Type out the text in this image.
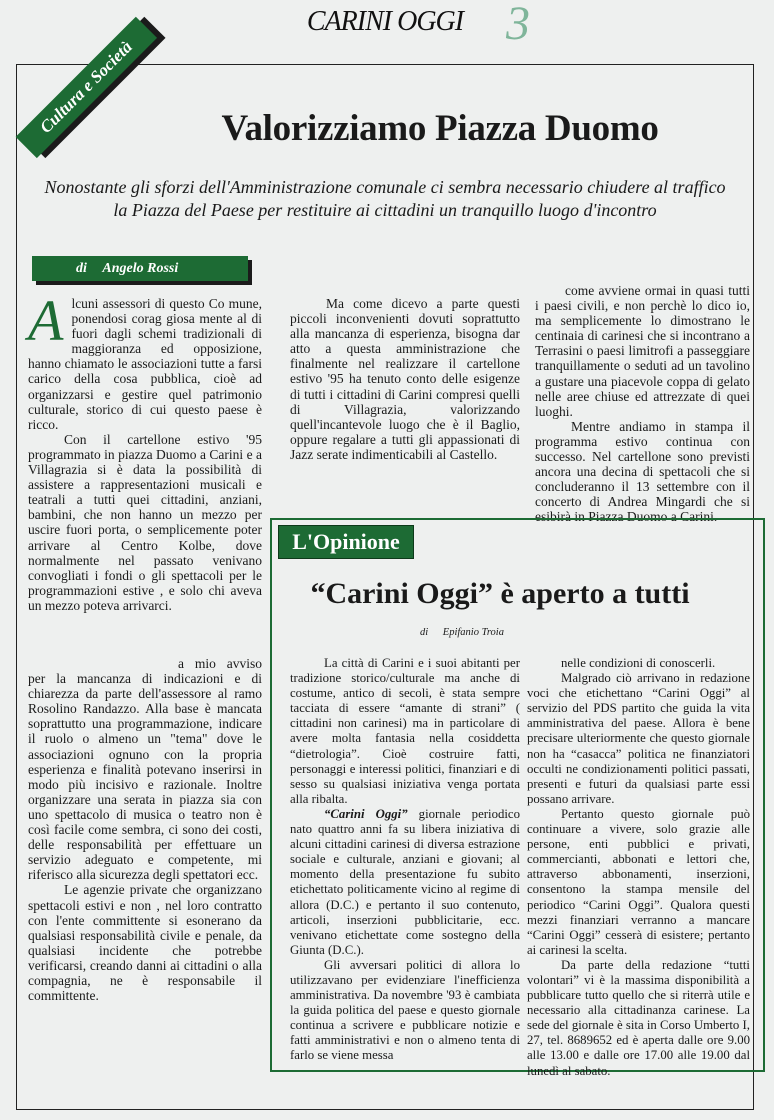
CARINI OGGI 3
Cultura e Società	Valorizziamo Piazza Duomo
Nonostante gli sforzi dell'Amministrazione comunale ci sembra necessario chiudere al traffico la Piazza del Paese per restituire ai cittadini un tranquillo luogo d'incontro
di Angelo Rossi

Alcuni assessori di questo Co mune, ponendosi corag giosa mente al di fuori dagli schemi tradizionali di maggioranza ed opposizione, hanno chiamato le associazioni tutte a farsi carico della cosa pubblica, cioè ad organizzarsi e gestire quel patrimonio culturale, storico di cui questo paese è ricco.

Con il cartellone estivo '95 programmato in piazza Duomo a Carini e a Villagrazia si è data la possibilità di assistere a rappresentazioni musicali e teatrali a tutti quei cittadini, anziani, bambini, che non hanno un mezzo per uscire fuori porta, o semplicemente poter arrivare al Centro Kolbe, dove normalmente nel passato venivano convogliati i fondi o gli spettacoli per le programmazioni estive , e solo chi aveva un mezzo poteva arrivarci.

Ma come dicevo a parte questi piccoli inconvenienti dovuti soprattutto alla mancanza di esperienza, bisogna dar atto a questa amministrazione che finalmente nel realizzare il cartellone estivo '95 ha tenuto conto delle esigenze di tutti i cittadini di Carini compresi quelli di Villagrazia, valorizzando quell'incantevole luogo che è il Baglio, oppure regalare a tutti gli appassionati di Jazz serate indimenticabili al Castello.

come avviene ormai in quasi tutti i paesi civili, e non perchè lo dico io, ma semplicemente lo dimostrano le centinaia di carinesi che si incontrano a Terrasini o paesi limitrofi a passeggiare tranquillamente o seduti ad un tavolino a gustare una piacevole coppa di gelato nelle aree chiuse ed attrezzate di quei luoghi.

Mentre andiamo in stampa il programma estivo continua con successo. Nel cartellone sono previsti ancora una decina di spettacoli che si concluderanno il 13 settembre con il concerto di Andrea Mingardi che si esibirà in Piazza Duomo a Carini.

a mio avviso per la mancanza di indicazioni e di chiarezza da parte dell'assessore al ramo Rosolino Randazzo. Alla base è mancata soprattutto una programmazione, indicare il ruolo o almeno un "tema" dove le associazioni ognuno con la propria esperienza e finalità potevano inserirsi in modo più incisivo e razionale. Inoltre organizzare una serata in piazza sia con uno spettacolo di musica o teatro non è così facile come sembra, ci sono dei costi, delle responsabilità per effettuare un servizio adeguato e competente, mi riferisco alla sicurezza degli spettatori ecc.

Le agenzie private che organizzano spettacoli estivi e non , nel loro contratto con l'ente committente si esonerano da qualsiasi responsabilità civile e penale, da qualsiasi incidente che potrebbe verificarsi, creando danni ai cittadini o alla compagnia, ne è responsabile il committente.

L'Opinione
“Carini Oggi” è aperto a tutti
di Epifanio Troia

La città di Carini e i suoi abitanti per tradizione storico/culturale ma anche di costume, antico di secoli, è stata sempre tacciata di essere “amante di strani” ( cittadini non carinesi) ma in particolare di avere molta fantasia nella cosiddetta “dietrologia”. Cioè costruire fatti, personaggi e interessi politici, finanziari e di sesso su qualsiasi iniziativa venga portata alla ribalta.

“Carini Oggi” giornale periodico nato quattro anni fa su libera iniziativa di alcuni cittadini carinesi di diversa estrazione sociale e culturale, anziani e giovani; al momento della presentazione fu subito etichettato politicamente vicino al regime di allora (D.C.) e pertanto il suo contenuto, articoli, inserzioni pubblicitarie, ecc. venivano etichettate come sostegno della Giunta (D.C.).

Gli avversari politici di allora lo utilizzavano per evidenziare l'inefficienza amministrativa. Da novembre '93 è cambiata la guida politica del paese e questo giornale continua a scrivere e pubblicare notizie e fatti amministrativi e non o almeno tenta di farlo se viene messa

nelle condizioni di conoscerli.

Malgrado ciò arrivano in redazione voci che etichettano “Carini Oggi” al servizio del PDS partito che guida la vita amministrativa del paese. Allora è bene precisare ulteriormente che questo giornale non ha “casacca” politica ne finanziatori occulti ne condizionamenti politici passati, presenti e futuri da qualsiasi parte essi possano arrivare.

Pertanto questo giornale può continuare a vivere, solo grazie alle persone, enti pubblici e privati, commercianti, abbonati e lettori che, attraverso abbonamenti, inserzioni, consentono la stampa mensile del periodico “Carini Oggi”. Qualora questi mezzi finanziari verranno a mancare “Carini Oggi” cesserà di esistere; pertanto ai carinesi la scelta.

Da parte della redazione “tutti volontari” vi è la massima disponibilità a pubblicare tutto quello che si riterrà utile e necessario alla cittadinanza carinese. La sede del giornale è sita in Corso Umberto I, 27, tel. 8689652 ed è aperta dalle ore 9.00 alle 13.00 e dalle ore 17.00 alle 19.00 dal lunedì al sabato.
